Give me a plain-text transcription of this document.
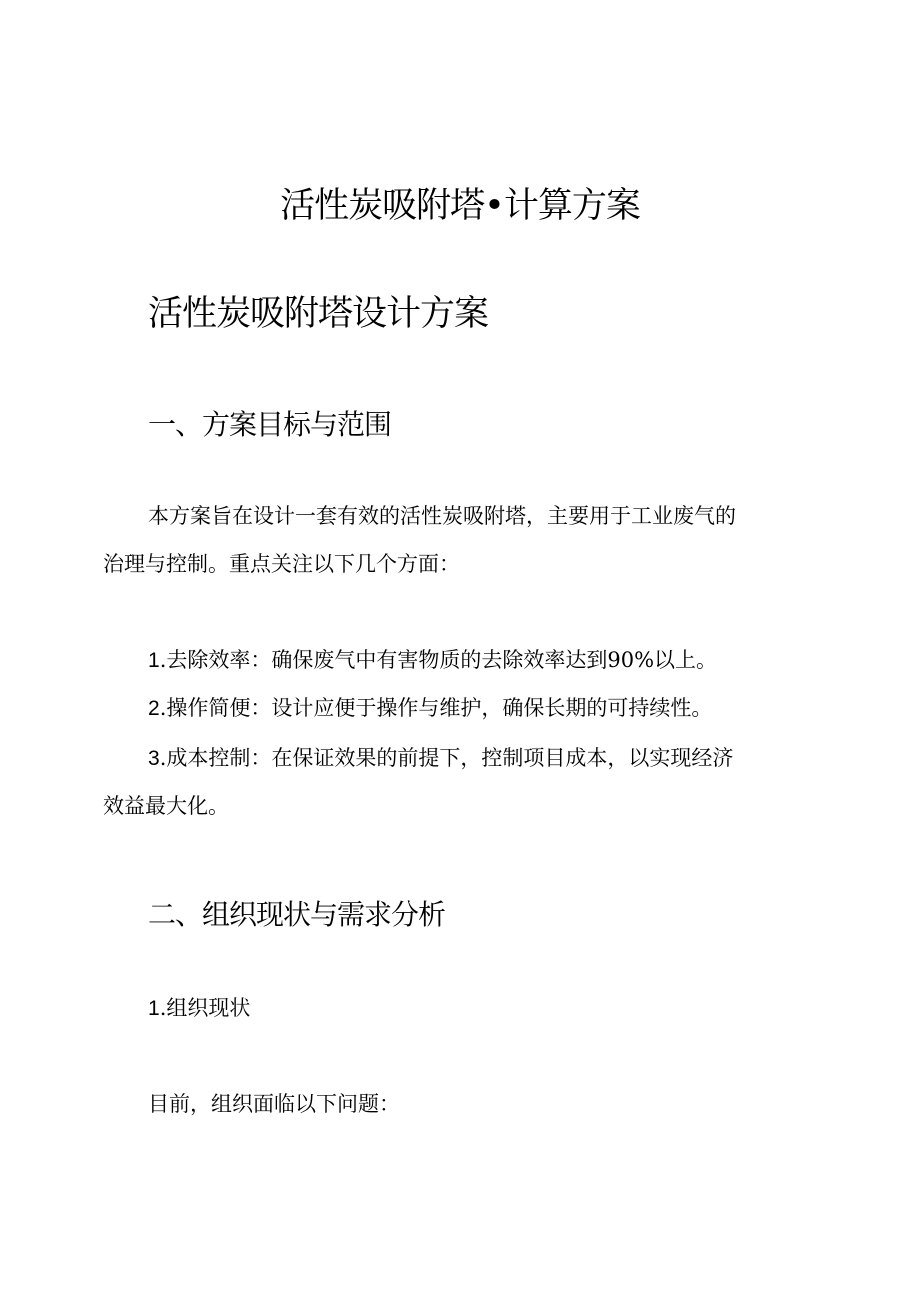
活性炭吸附塔•计算方案
活性炭吸附塔设计方案
一、方案目标与范围

本方案旨在设计一套有效的活性炭吸附塔，主要用于工业废气的

治理与控制。重点关注以下几个方面：

1.去除效率：确保废气中有害物质的去除效率达到90%以上。

2.操作简便：设计应便于操作与维护，确保长期的可持续性。

3.成本控制：在保证效果的前提下，控制项目成本，以实现经济

效益最大化。

二、组织现状与需求分析

1.组织现状

目前，组织面临以下问题：
